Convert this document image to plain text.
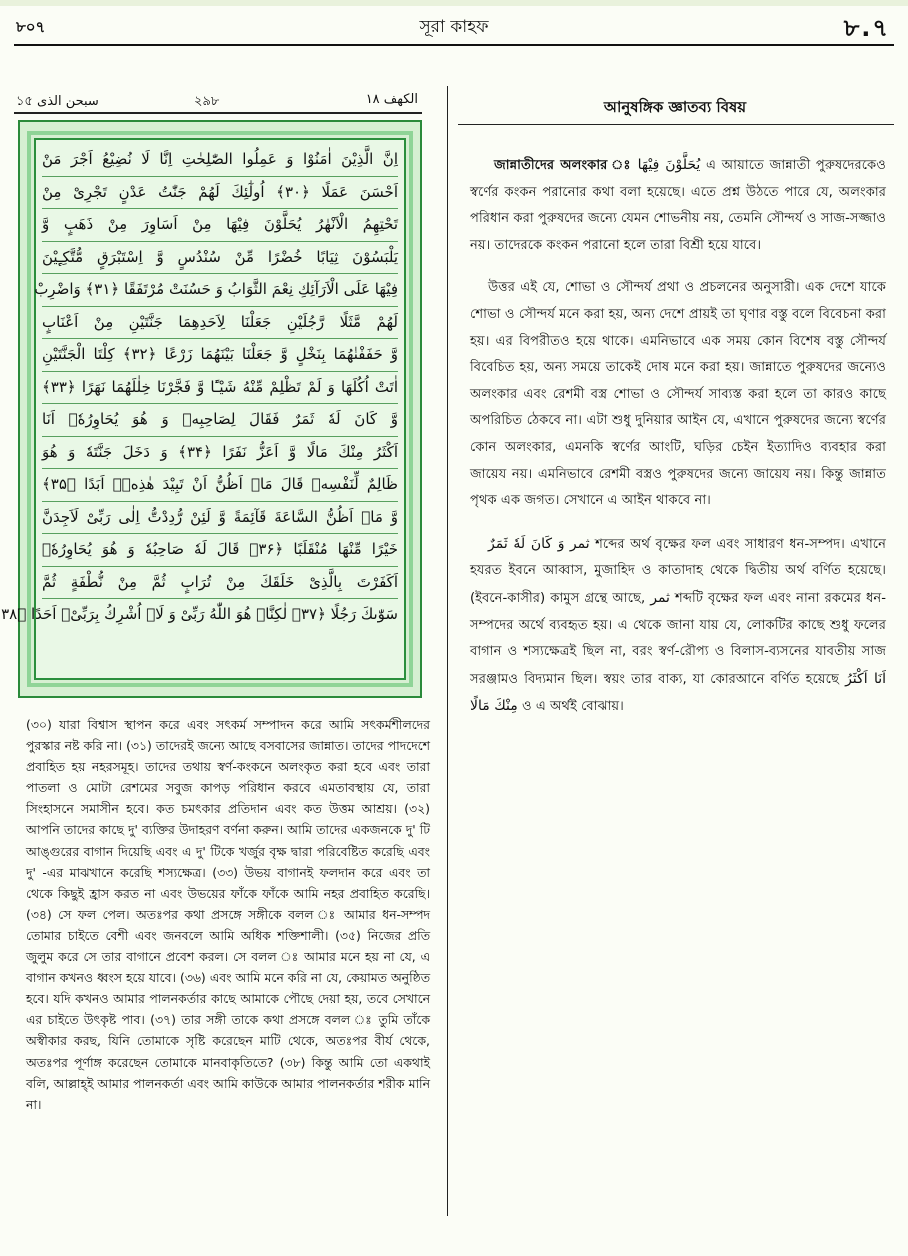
৮০৭	সূরা কাহফ	৮.৭
১৫ سبحن الذی	২৯৮	الکهف ۱۸
اِنَّ الَّذِیْنَ اٰمَنُوْا وَ عَمِلُوا الصّٰلِحٰتِ اِنَّا لَا نُضِیْعُ اَجْرَ مَنْ
اَحْسَنَ عَمَلًا ﴿۳۰﴾ اُولٰٓئِكَ لَهُمْ جَنّٰتُ عَدْنٍ تَجْرِیْ مِنْ
تَحْتِهِمُ الْاَنْهٰرُ یُحَلَّوْنَ فِیْهَا مِنْ اَسَاوِرَ مِنْ ذَهَبٍ وَّ
یَلْبَسُوْنَ ثِیَابًا خُضْرًا مِّنْ سُنْدُسٍ وَّ اِسْتَبْرَقٍ مُّتَّكِـِٕیْنَ
فِیْهَا عَلَی الْاَرَآئِكِ نِعْمَ الثَّوَابُ وَ حَسُنَتْ مُرْتَفَقًا ﴿۳۱﴾ وَاضْرِبْ
لَهُمْ مَّثَلًا رَّجُلَیْنِ جَعَلْنَا لِاَحَدِهِمَا جَنَّتَیْنِ مِنْ اَعْنَابٍ
وَّ حَفَفْنٰهُمَا بِنَخْلٍ وَّ جَعَلْنَا بَیْنَهُمَا زَرْعًا ﴿۳۲﴾ كِلْتَا الْجَنَّتَیْنِ
اٰتَتْ اُكُلَهَا وَ لَمْ تَظْلِمْ مِّنْهُ شَیْـًٔا وَّ فَجَّرْنَا خِلٰلَهُمَا نَهَرًا ﴿۳۳﴾
وَّ كَانَ لَهٗ ثَمَرٌ فَقَالَ لِصَاحِبِهٖ وَ هُوَ یُحَاوِرُهٗۤ اَنَا
اَكْثَرُ مِنْكَ مَالًا وَّ اَعَزُّ نَفَرًا ﴿۳۴﴾ وَ دَخَلَ جَنَّتَهٗ وَ هُوَ
ظَالِمٌ لِّنَفْسِهٖ قَالَ مَاۤ اَظُنُّ اَنْ تَبِیْدَ هٰذِهٖۤ اَبَدًا ﴿۳۵﴾
وَّ مَاۤ اَظُنُّ السَّاعَةَ قَآئِمَةً وَّ لَئِنْ رُّدِدْتُّ اِلٰی رَبِّیْ لَاَجِدَنَّ
خَیْرًا مِّنْهَا مُنْقَلَبًا ﴿۳۶﴾ قَالَ لَهٗ صَاحِبُهٗ وَ هُوَ یُحَاوِرُهٗۤ
اَكَفَرْتَ بِالَّذِیْ خَلَقَكَ مِنْ تُرَابٍ ثُمَّ مِنْ نُّطْفَةٍ ثُمَّ
سَوّٰىكَ رَجُلًا ﴿۳۷﴾ لٰكِنَّا۠ هُوَ اللّٰهُ رَبِّیْ وَ لَاۤ اُشْرِكُ بِرَبِّیْۤ اَحَدًا ﴿۳۸
(৩০) যারা বিশ্বাস স্থাপন করে এবং সৎকর্ম সম্পাদন করে আমি সৎকর্মশীলদের পুরস্কার নষ্ট করি না। (৩১) তাদেরই জন্যে আছে বসবাসের জান্নাত। তাদের পাদদেশে প্রবাহিত হয় নহরসমূহ। তাদের তথায় স্বর্ণ-কংকনে অলংকৃত করা হবে এবং তারা পাতলা ও মোটা রেশমের সবুজ কাপড় পরিধান করবে এমতাবস্থায় যে, তারা সিংহাসনে সমাসীন হবে। কত চমৎকার প্রতিদান এবং কত উত্তম আশ্রয়। (৩২) আপনি তাদের কাছে দু' ব্যক্তির উদাহরণ বর্ণনা করুন। আমি তাদের একজনকে দু' টি আঙ্গুরের বাগান দিয়েছি এবং এ দু' টিকে খর্জুর বৃক্ষ দ্বারা পরিবেষ্টিত করেছি এবং দু' -এর মাঝখানে করেছি শস্যক্ষেত্র। (৩৩) উভয় বাগানই ফলদান করে এবং তা থেকে কিছুই হ্রাস করত না এবং উভয়ের ফাঁকে ফাঁকে আমি নহর প্রবাহিত করেছি। (৩৪) সে ফল পেল। অতঃপর কথা প্রসঙ্গে সঙ্গীকে বলল ঃ আমার ধন-সম্পদ তোমার চাইতে বেশী এবং জনবলে আমি অধিক শক্তিশালী। (৩৫) নিজের প্রতি জুলুম করে সে তার বাগানে প্রবেশ করল। সে বলল ঃ আমার মনে হয় না যে, এ বাগান কখনও ধ্বংস হয়ে যাবে। (৩৬) এবং আমি মনে করি না যে, কেয়ামত অনুষ্ঠিত হবে। যদি কখনও আমার পালনকর্তার কাছে আমাকে পৌছে দেয়া হয়, তবে সেখানে এর চাইতে উৎকৃষ্ট পাব। (৩৭) তার সঙ্গী তাকে কথা প্রসঙ্গে বলল ঃ তুমি তাঁকে অস্বীকার করছ, যিনি তোমাকে সৃষ্টি করেছেন মাটি থেকে, অতঃপর বীর্য থেকে, অতঃপর পূর্ণাঙ্গ করেছেন তোমাকে মানবাকৃতিতে? (৩৮) কিন্তু আমি তো একথাই বলি, আল্লাহ্ই আমার পালনকর্তা এবং আমি কাউকে আমার পালনকর্তার শরীক মানি না।
আনুষঙ্গিক জ্ঞাতব্য বিষয়

জান্নাতীদের অলংকার ঃ یُحَلَّوْنَ فِیْهَا এ আয়াতে জান্নাতী পুরুষদেরকেও স্বর্ণের কংকন পরানোর কথা বলা হয়েছে। এতে প্রশ্ন উঠতে পারে যে, অলংকার পরিধান করা পুরুষদের জন্যে যেমন শোভনীয় নয়, তেমনি সৌন্দর্য ও সাজ-সজ্জাও নয়। তাদেরকে কংকন পরানো হলে তারা বিশ্রী হয়ে যাবে।

উত্তর এই যে, শোভা ও সৌন্দর্য প্রথা ও প্রচলনের অনুসারী। এক দেশে যাকে শোভা ও সৌন্দর্য মনে করা হয়, অন্য দেশে প্রায়ই তা ঘৃণার বস্তু বলে বিবেচনা করা হয়। এর বিপরীতও হয়ে থাকে। এমনিভাবে এক সময় কোন বিশেষ বস্তু সৌন্দর্য বিবেচিত হয়, অন্য সময়ে তাকেই দোষ মনে করা হয়। জান্নাতে পুরুষদের জন্যেও অলংকার এবং রেশমী বস্ত্র শোভা ও সৌন্দর্য সাব্যস্ত করা হলে তা কারও কাছে অপরিচিত ঠেকবে না। এটা শুধু দুনিয়ার আইন যে, এখানে পুরুষদের জন্যে স্বর্ণের কোন অলংকার, এমনকি স্বর্ণের আংটি, ঘড়ির চেইন ইত্যাদিও ব্যবহার করা জায়েয নয়। এমনিভাবে রেশমী বস্ত্রও পুরুষদের জন্যে জায়েয নয়। কিন্তু জান্নাত পৃথক এক জগত। সেখানে এ আইন থাকবে না।

وَ كَانَ لَهٗ ثَمَرٌ ثمر শব্দের অর্থ বৃক্ষের ফল এবং সাধারণ ধন-সম্পদ। এখানে হযরত ইবনে আব্বাস, মুজাহিদ ও কাতাদাহ থেকে দ্বিতীয় অর্থ বর্ণিত হয়েছে। (ইবনে-কাসীর) কামুস গ্রন্থে আছে, ثمر শব্দটি বৃক্ষের ফল এবং নানা রকমের ধন-সম্পদের অর্থে ব্যবহৃত হয়। এ থেকে জানা যায় যে, লোকটির কাছে শুধু ফলের বাগান ও শস্যক্ষেত্রই ছিল না, বরং স্বর্ণ-রৌপ্য ও বিলাস-ব্যসনের যাবতীয় সাজ সরঞ্জামও বিদ্যমান ছিল। স্বয়ং তার বাক্য, যা কোরআনে বর্ণিত হয়েছে اَنَا اَكْثَرُ مِنْكَ مَالًا ও এ অর্থই বোঝায়।
